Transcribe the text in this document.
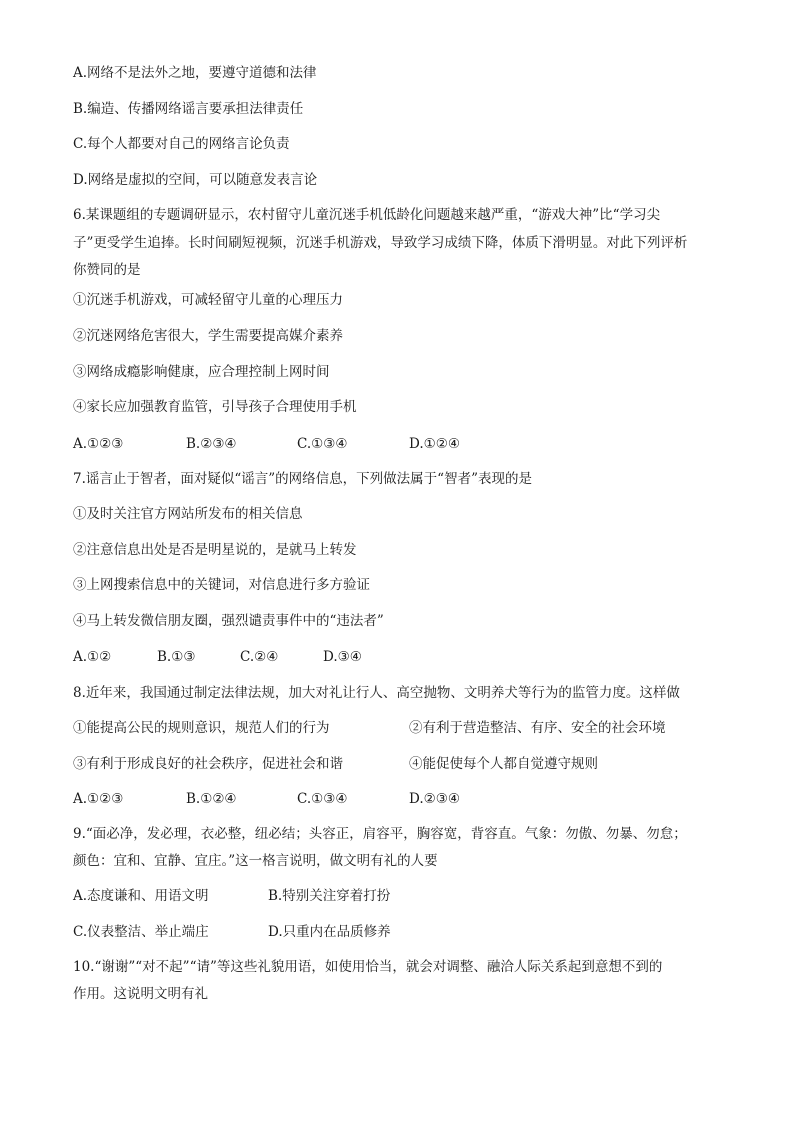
A.网络不是法外之地，要遵守道德和法律
B.编造、传播网络谣言要承担法律责任
C.每个人都要对自己的网络言论负责
D.网络是虚拟的空间，可以随意发表言论
6.某课题组的专题调研显示，农村留守儿童沉迷手机低龄化问题越来越严重，“游戏大神”比“学习尖
子”更受学生追捧。长时间刷短视频，沉迷手机游戏，导致学习成绩下降，体质下滑明显。对此下列评析
你赞同的是
①沉迷手机游戏，可减轻留守儿童的心理压力
②沉迷网络危害很大，学生需要提高媒介素养
③网络成瘾影响健康，应合理控制上网时间
④家长应加强教育监管，引导孩子合理使用手机
A.①②③	B.②③④	C.①③④	D.①②④
7.谣言止于智者，面对疑似“谣言”的网络信息，下列做法属于“智者”表现的是
①及时关注官方网站所发布的相关信息
②注意信息出处是否是明星说的，是就马上转发
③上网搜索信息中的关键词，对信息进行多方验证
④马上转发微信朋友圈，强烈谴责事件中的“违法者”
A.①②	B.①③	C.②④	D.③④
8.近年来，我国通过制定法律法规，加大对礼让行人、高空抛物、文明养犬等行为的监管力度。这样做
①能提高公民的规则意识，规范人们的行为	②有利于营造整洁、有序、安全的社会环境
③有利于形成良好的社会秩序，促进社会和谐	④能促使每个人都自觉遵守规则
A.①②③	B.①②④	C.①③④	D.②③④
9.“面必净，发必理，衣必整，纽必结；头容正，肩容平，胸容宽，背容直。气象：勿傲、勿暴、勿怠；
颜色：宜和、宜静、宜庄。”这一格言说明，做文明有礼的人要
A.态度谦和、用语文明	B.特别关注穿着打扮
C.仪表整洁、举止端庄	D.只重内在品质修养
10.“谢谢”“对不起”“请”等这些礼貌用语，如使用恰当，就会对调整、融洽人际关系起到意想不到的
作用。这说明文明有礼
